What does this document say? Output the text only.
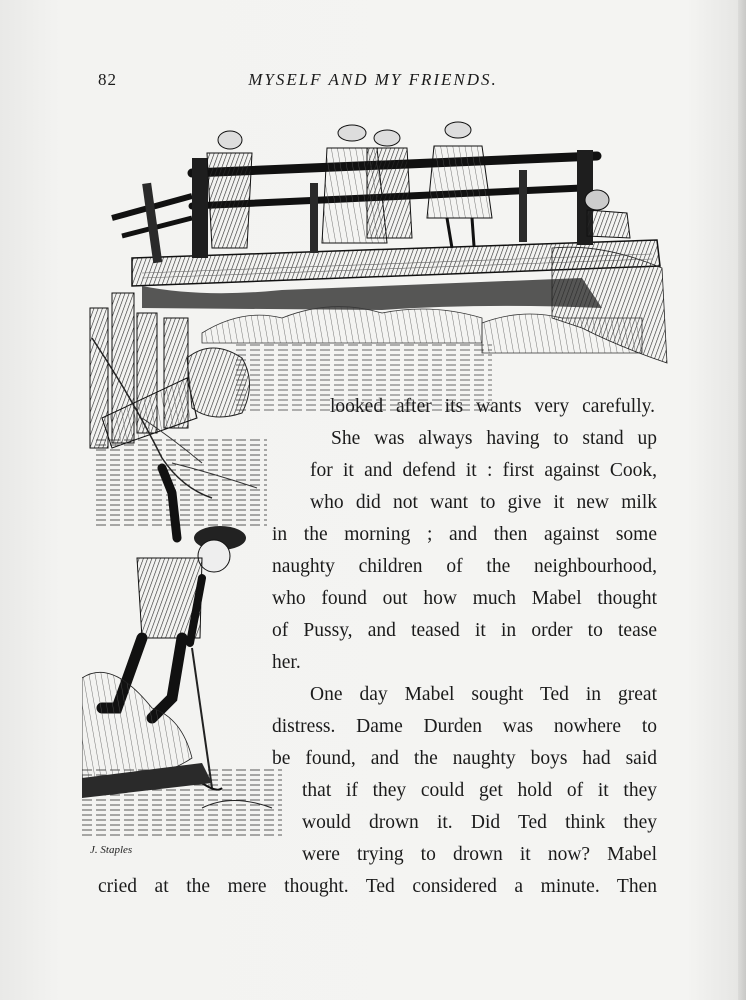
82	MYSELF AND MY FRIENDS.
J. Staples
looked after its wants very carefully.
She was always having to stand up
for it and defend it : first against Cook,
who did not want to give it new milk
in the morning ; and then against some
naughty children of the neighbourhood,
who found out how much Mabel thought
of Pussy, and teased it in order to tease
her.
One day Mabel sought Ted in great
distress. Dame Durden was nowhere to
be found, and the naughty boys had said
that if they could get hold of it they
would drown it. Did Ted think they
were trying to drown it now? Mabel
cried at the mere thought. Ted considered a minute. Then
